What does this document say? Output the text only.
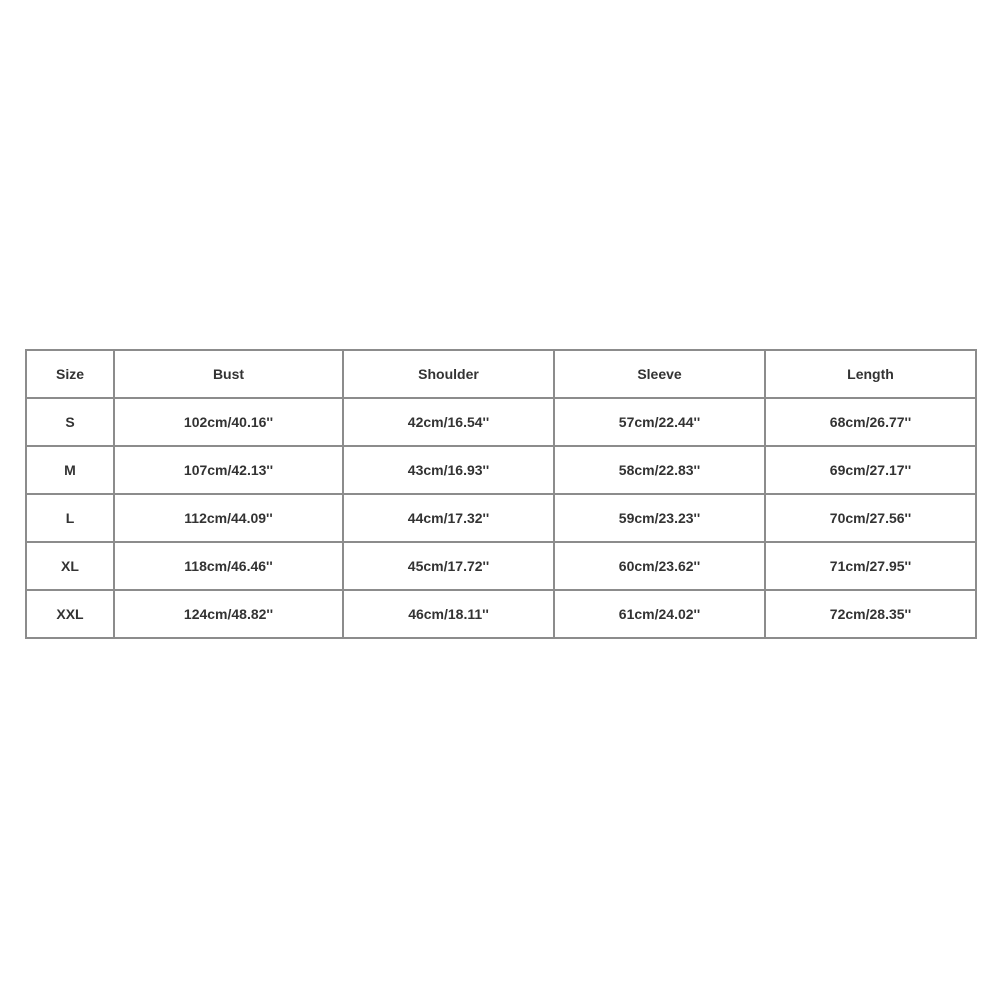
Size	Bust	Shoulder	Sleeve	Length
S	102cm/40.16''	42cm/16.54''	57cm/22.44''	68cm/26.77''
M	107cm/42.13''	43cm/16.93''	58cm/22.83''	69cm/27.17''
L	112cm/44.09''	44cm/17.32''	59cm/23.23''	70cm/27.56''
XL	118cm/46.46''	45cm/17.72''	60cm/23.62''	71cm/27.95''
XXL	124cm/48.82''	46cm/18.11''	61cm/24.02''	72cm/28.35''
